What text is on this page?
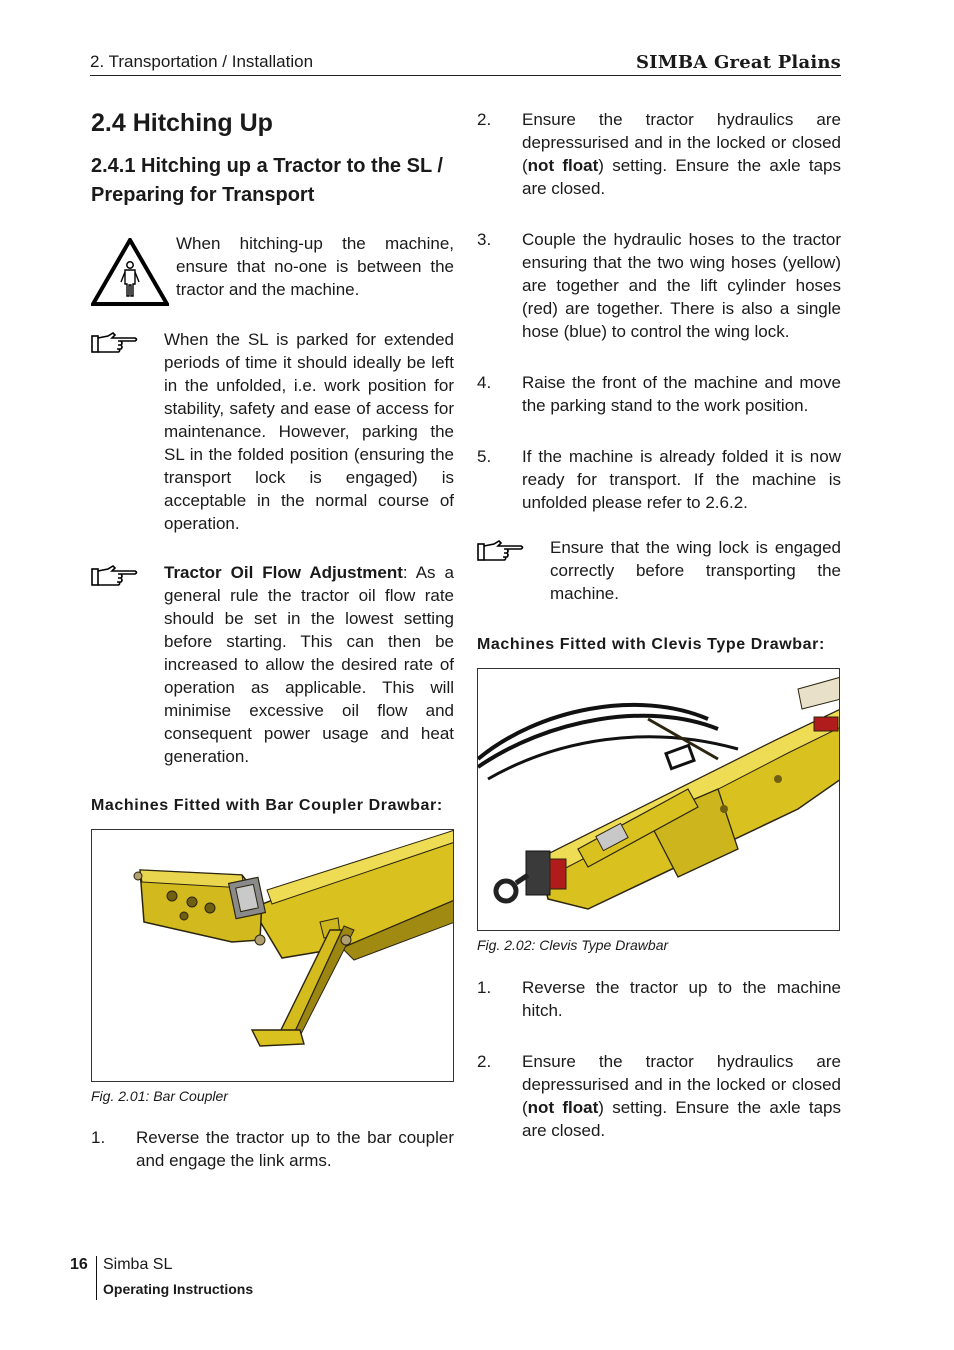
2. Transportation / Installation	SIMBA Great Plains
2.4 Hitching Up
2.4.1 Hitching up a Tractor to the SL / Preparing for Transport
When hitching-up the machine, ensure that no-one is between the tractor and the machine.
When the SL is parked for extended periods of time it should ideally be left in the unfolded, i.e. work position for stability, safety and ease of access for maintenance. However, parking the SL in the folded position (ensuring the transport lock is engaged) is acceptable in the normal course of operation.
Tractor Oil Flow Adjustment: As a general rule the tractor oil flow rate should be set in the lowest setting before starting. This can then be increased to allow the desired rate of operation as applicable. This will minimise excessive oil flow and consequent power usage and heat generation.
Machines Fitted with Bar Coupler Drawbar:
Fig. 2.01: Bar Coupler
1. Reverse the tractor up to the bar coupler and engage the link arms.
2. Ensure the tractor hydraulics are depressurised and in the locked or closed (not float) setting. Ensure the axle taps are closed.
3. Couple the hydraulic hoses to the tractor ensuring that the two wing hoses (yellow) are together and the lift cylinder hoses (red) are together. There is also a single hose (blue) to control the wing lock.
4. Raise the front of the machine and move the parking stand to the work position.
5. If the machine is already folded it is now ready for transport. If the machine is unfolded please refer to 2.6.2.
Ensure that the wing lock is engaged correctly before transporting the machine.
Machines Fitted with Clevis Type Drawbar:
Fig. 2.02: Clevis Type Drawbar
1. Reverse the tractor up to the machine hitch.
2. Ensure the tractor hydraulics are depressurised and in the locked or closed (not float) setting. Ensure the axle taps are closed.
16 Simba SL
Operating Instructions
